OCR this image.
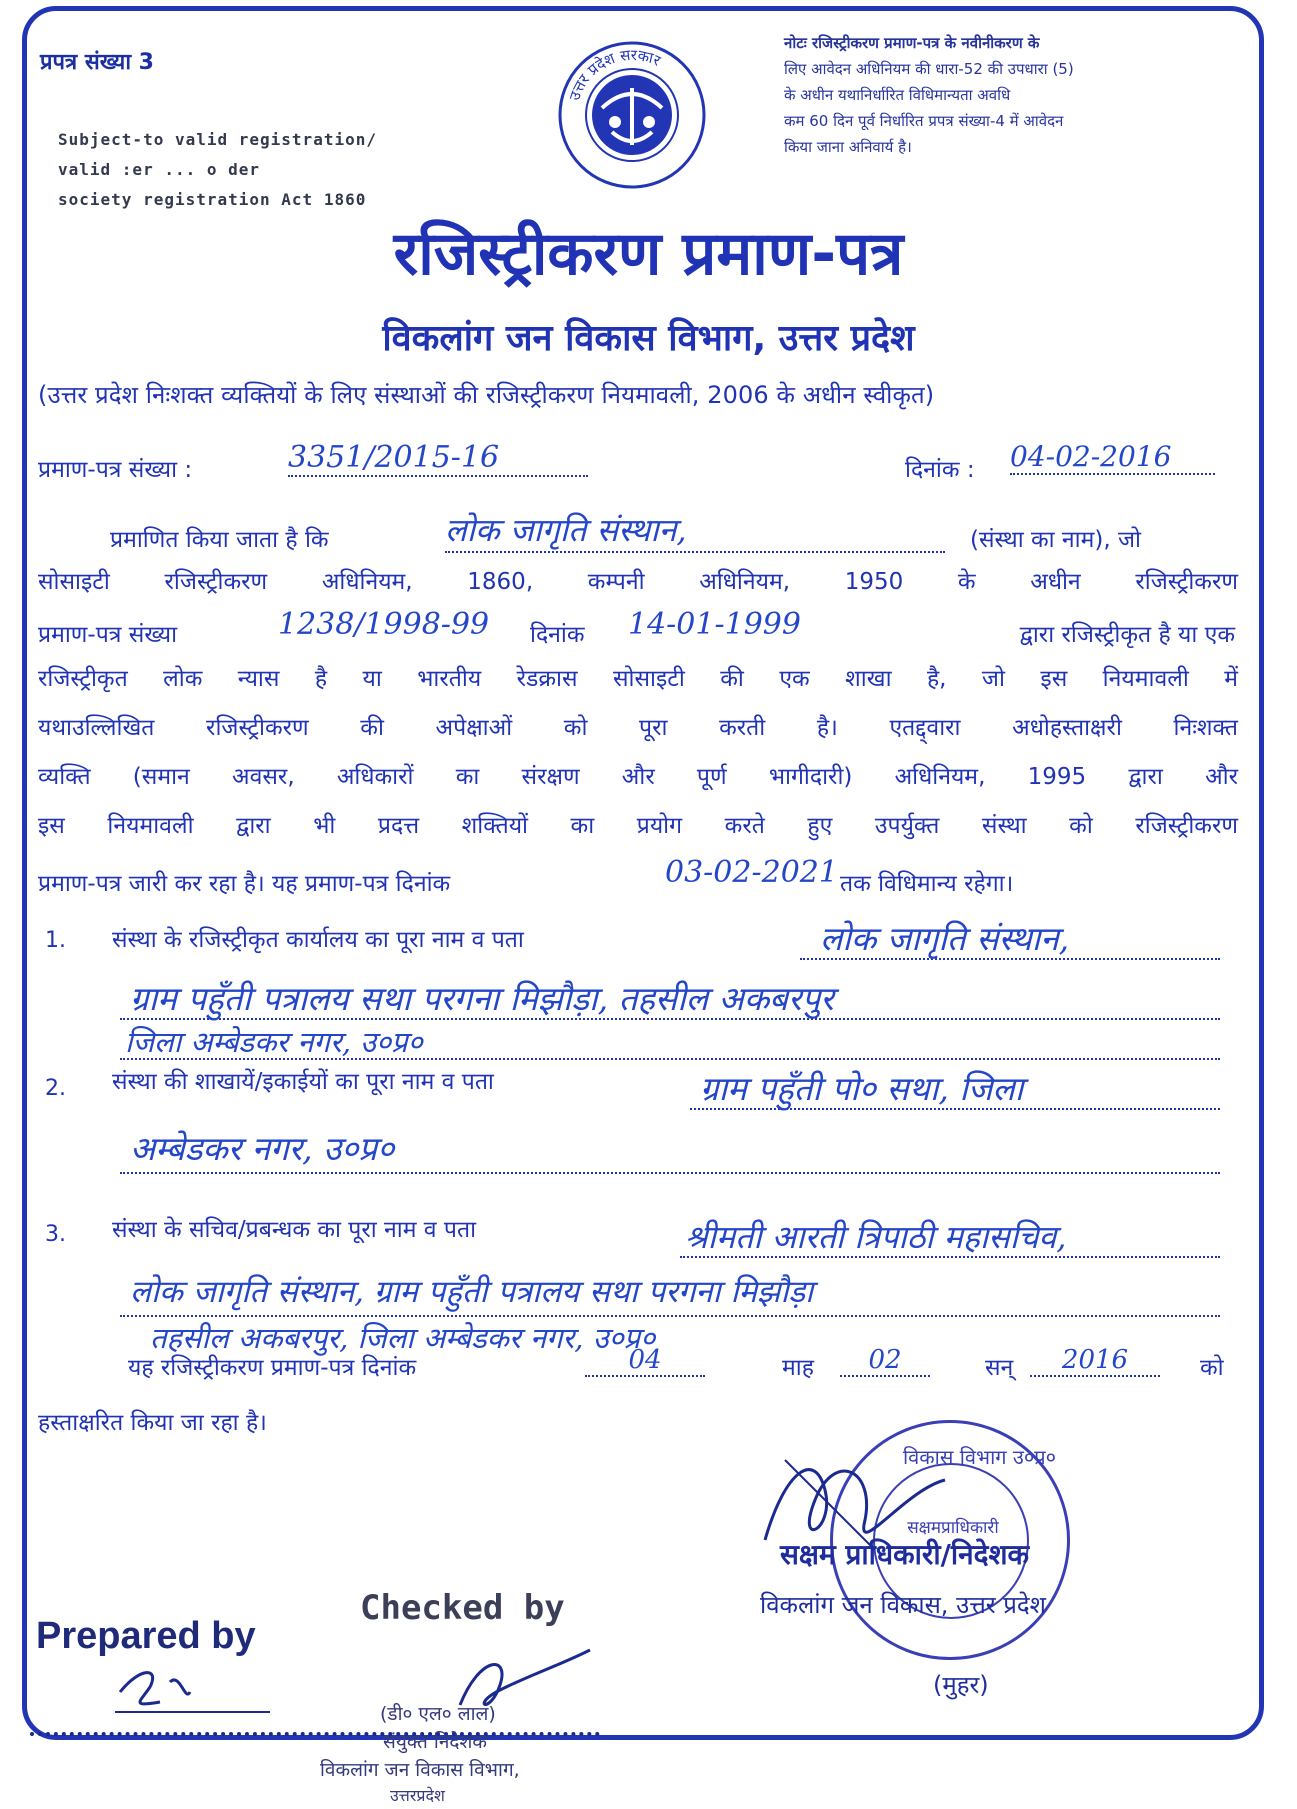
प्रपत्र संख्या 3
Subject-to valid registration/
valid :er ... o der
society registration Act 1860
उत्तर प्रदेश सरकार
नोटः रजिस्ट्रीकरण प्रमाण-पत्र के नवीनीकरण के
लिए आवेदन अधिनियम की धारा-52 की उपधारा (5)
के अधीन यथानिर्धारित विधिमान्यता अवधि
कम 60 दिन पूर्व निर्धारित प्रपत्र संख्या-4 में आवेदन
किया जाना अनिवार्य है।
रजिस्ट्रीकरण प्रमाण-पत्र
विकलांग जन विकास विभाग, उत्तर प्रदेश
(उत्तर प्रदेश निःशक्त व्यक्तियों के लिए संस्थाओं की रजिस्ट्रीकरण नियमावली, 2006 के अधीन स्वीकृत)
प्रमाण-पत्र संख्या :	3351/2015-16	दिनांक : 04-02-2016
प्रमाणित किया जाता है कि	लोक जागृति संस्थान,	(संस्था का नाम), जो
सोसाइटी रजिस्ट्रीकरण अधिनियम, 1860, कम्पनी अधिनियम, 1950 के अधीन रजिस्ट्रीकरण
प्रमाण-पत्र संख्या	1238/1998-99 दिनांक 14-01-1999	द्वारा रजिस्ट्रीकृत है या एक
रजिस्ट्रीकृत लोक न्यास है या भारतीय रेडक्रास सोसाइटी की एक शाखा है, जो इस नियमावली में
यथाउल्लिखित रजिस्ट्रीकरण की अपेक्षाओं को पूरा करती है। एतद्द्वारा अधोहस्ताक्षरी निःशक्त
व्यक्ति (समान अवसर, अधिकारों का संरक्षण और पूर्ण भागीदारी) अधिनियम, 1995 द्वारा और
इस नियमावली द्वारा भी प्रदत्त शक्तियों का प्रयोग करते हुए उपर्युक्त संस्था को रजिस्ट्रीकरण
प्रमाण-पत्र जारी कर रहा है। यह प्रमाण-पत्र दिनांक	03-02-2021 तक विधिमान्य रहेगा।
1. संस्था के रजिस्ट्रीकृत कार्यालय का पूरा नाम व पता	लोक जागृति संस्थान,
ग्राम पहुँती पत्रालय सथा परगना मिझौड़ा, तहसील अकबरपुर
जिला अम्बेडकर नगर, उ०प्र०
2. संस्था की शाखायें/इकाईयों का पूरा नाम व पता	ग्राम पहुँती पो० सथा, जिला
अम्बेडकर नगर, उ०प्र०
3. संस्था के सचिव/प्रबन्धक का पूरा नाम व पता	श्रीमती आरती त्रिपाठी महासचिव,
लोक जागृति संस्थान, ग्राम पहुँती पत्रालय सथा परगना मिझौड़ा
तहसील अकबरपुर, जिला अम्बेडकर नगर, उ०प्र०
यह रजिस्ट्रीकरण प्रमाण-पत्र दिनांक	04	माह	02	सन्	2016	को
हस्ताक्षरित किया जा रहा है।
विकास विभाग उ०प्र०
सक्षमप्राधिकारी
सक्षम प्राधिकारी/निदेशक
विकलांग जन विकास, उत्तर प्रदेश
(मुहर)
Prepared by
Checked by
(डी० एल० लाल)
संयुक्त निदेशक
विकलांग जन विकास विभाग,
उत्तरप्रदेश
